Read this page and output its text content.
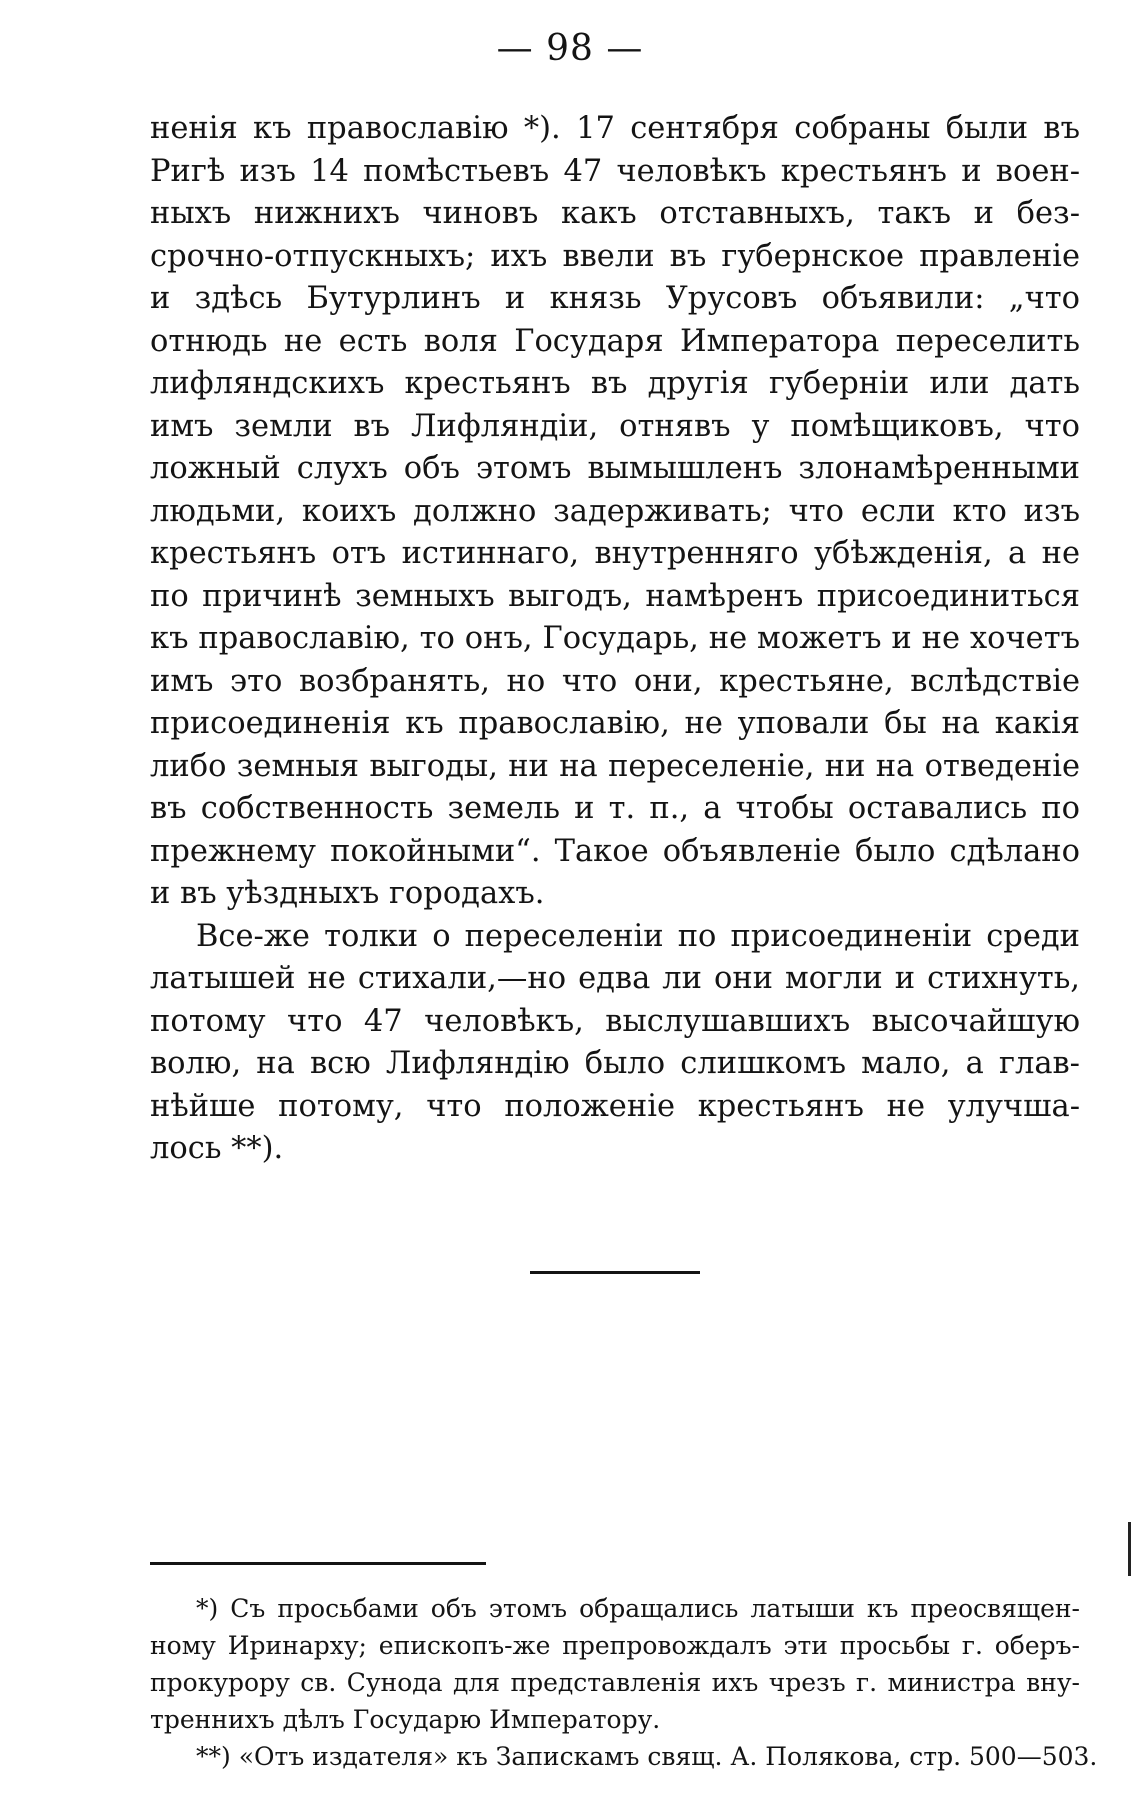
— 98 —
ненія къ православію *). 17 сентября собраны были въ
Ригѣ изъ 14 помѣстьевъ 47 человѣкъ крестьянъ и воен-
ныхъ нижнихъ чиновъ какъ отставныхъ, такъ и без-
срочно-отпускныхъ; ихъ ввели въ губернское правленіе
и здѣсь Бутурлинъ и князь Урусовъ объявили: „что
отнюдь не есть воля Государя Императора переселить
лифляндскихъ крестьянъ въ другія губерніи или дать
имъ земли въ Лифляндіи, отнявъ у помѣщиковъ, что
ложный слухъ объ этомъ вымышленъ злонамѣренными
людьми, коихъ должно задерживать; что если кто изъ
крестьянъ отъ истиннаго, внутренняго убѣжденія, а не
по причинѣ земныхъ выгодъ, намѣренъ присоединиться
къ православію, то онъ, Государь, не можетъ и не хочетъ
имъ это возбранять, но что они, крестьяне, вслѣдствіе
присоединенія къ православію, не уповали бы на какія
либо земныя выгоды, ни на переселеніе, ни на отведеніе
въ собственность земель и т. п., а чтобы оставались по
прежнему покойными“. Такое объявленіе было сдѣлано
и въ уѣздныхъ городахъ.
Все-же толки о переселеніи по присоединеніи среди
латышей не стихали,—но едва ли они могли и стихнуть,
потому что 47 человѣкъ, выслушавшихъ высочайшую
волю, на всю Лифляндію было слишкомъ мало, а глав-
нѣйше потому, что положеніе крестьянъ не улучша-
лось **).
*) Съ просьбами объ этомъ обращались латыши къ преосвящен-
ному Иринарху; епископъ-же препровождалъ эти просьбы г. оберъ-
прокурору св. Сунода для представленія ихъ чрезъ г. министра вну-
треннихъ дѣлъ Государю Императору.
**) «Отъ издателя» къ Запискамъ свящ. А. Полякова, стр. 500—503.
